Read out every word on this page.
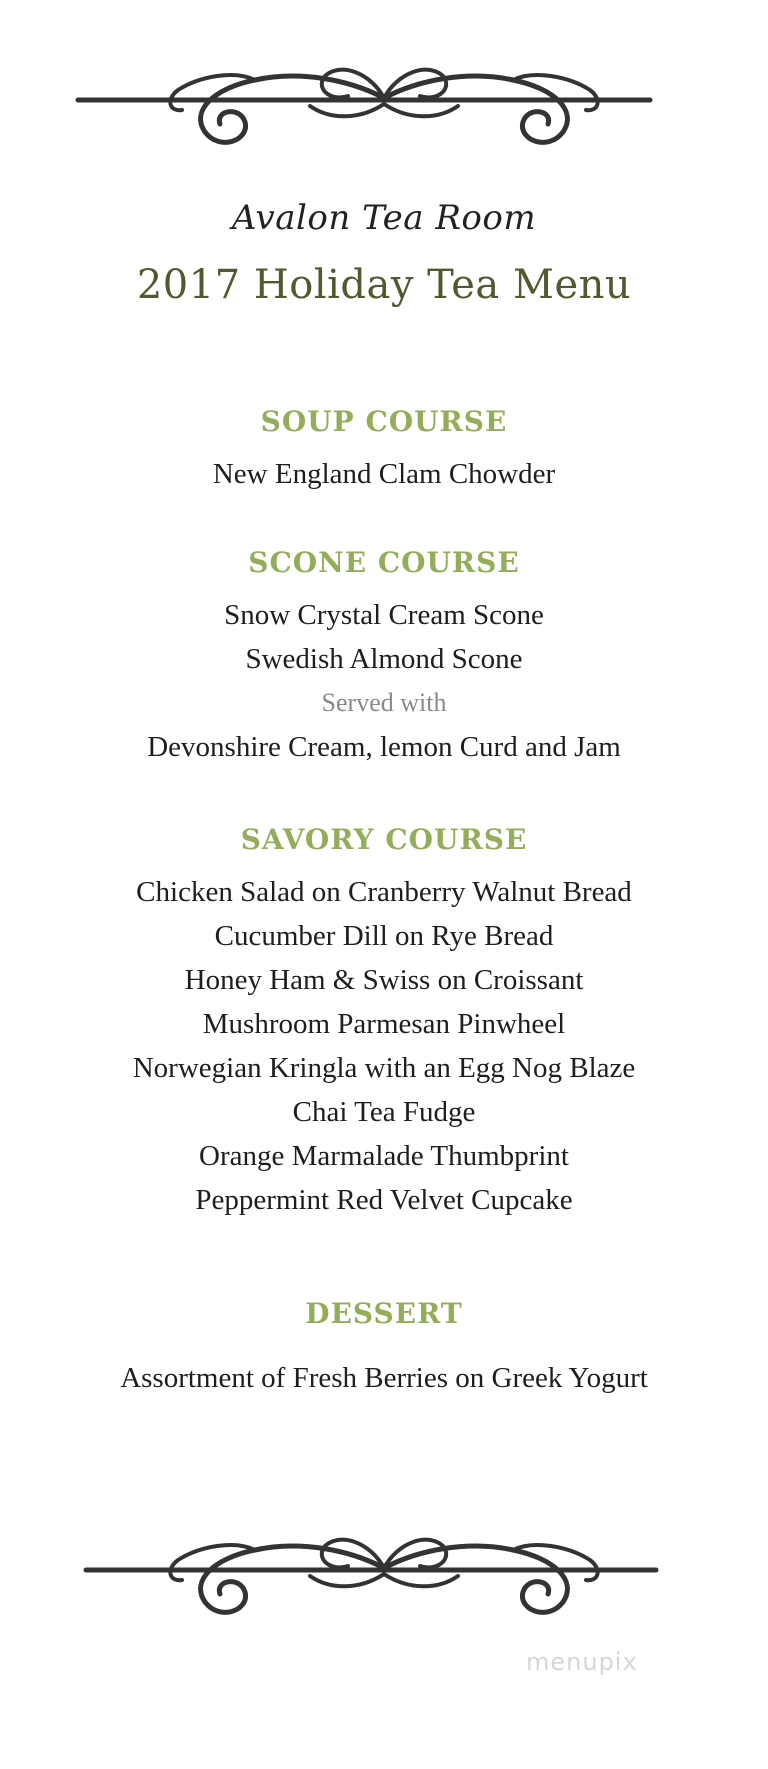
Avalon Tea Room
2017 Holiday Tea Menu
SOUP COURSE
New England Clam Chowder
SCONE COURSE
Snow Crystal Cream Scone
Swedish Almond Scone
Served with
Devonshire Cream, lemon Curd and Jam
SAVORY COURSE
Chicken Salad on Cranberry Walnut Bread
Cucumber Dill on Rye Bread
Honey Ham & Swiss on Croissant
Mushroom Parmesan Pinwheel
Norwegian Kringla with an Egg Nog Blaze
Chai Tea Fudge
Orange Marmalade Thumbprint
Peppermint Red Velvet Cupcake
DESSERT
Assortment of Fresh Berries on Greek Yogurt
menupix
